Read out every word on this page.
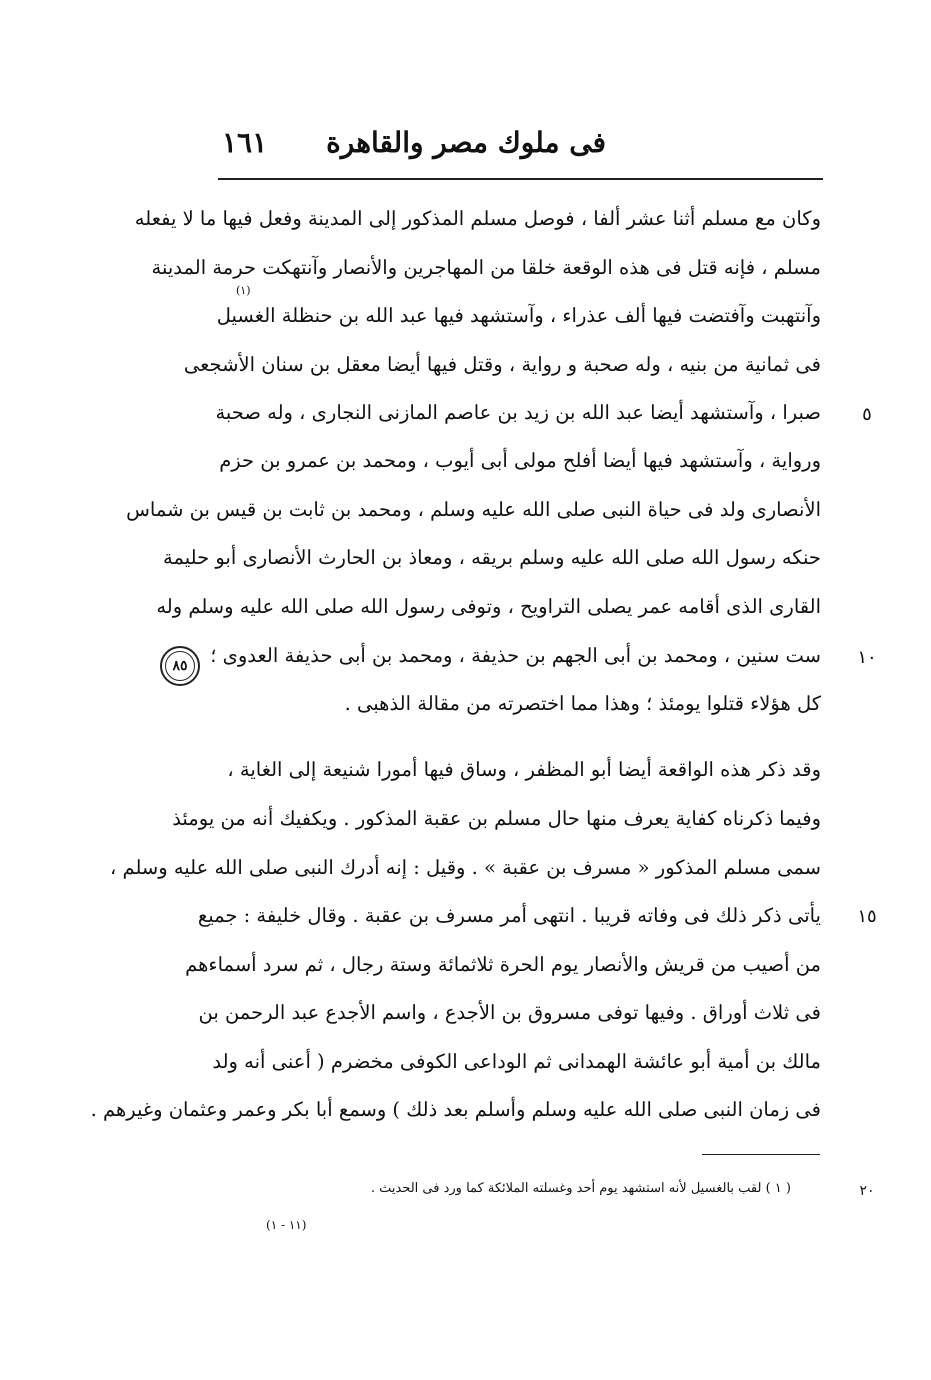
فى ملوك مصر والقاهرة
١٦١
(١)
وكان مع مسلم أثنا عشر ألفا ، فوصل مسلم المذكور إلى المدينة وفعل فيها ما لا يفعله
مسلم ، فإنه قتل فى هذه الوقعة خلقا من المهاجرين والأنصار وآنتهكت حرمة المدينة
وآنتهبت وآفتضت فيها ألف عذراء ، وآستشهد فيها عبد الله بن حنظلة الغسيل
فى ثمانية من بنيه ، وله صحبة و رواية ، وقتل فيها أيضا معقل بن سنان الأشجعى
صبرا ، وآستشهد أيضا عبد الله بن زيد بن عاصم المازنى النجارى ، وله صحبة
ورواية ، وآستشهد فيها أيضا أفلح مولى أبى أيوب ، ومحمد بن عمرو بن حزم
الأنصارى ولد فى حياة النبى صلى الله عليه وسلم ، ومحمد بن ثابت بن قيس بن شماس
حنكه رسول الله صلى الله عليه وسلم بريقه ، ومعاذ بن الحارث الأنصارى أبو حليمة
القارى الذى أقامه عمر يصلى التراويح ، وتوفى رسول الله صلى الله عليه وسلم وله
ست سنين ، ومحمد بن أبى الجهم بن حذيفة ، ومحمد بن أبى حذيفة العدوى ؛
كل هؤلاء قتلوا يومئذ ؛ وهذا مما اختصرته من مقالة الذهبى .
وقد ذكر هذه الواقعة أيضا أبو المظفر ، وساق فيها أمورا شنيعة إلى الغاية ،
وفيما ذكرناه كفاية يعرف منها حال مسلم بن عقبة المذكور . ويكفيك أنه من يومئذ
سمى مسلم المذكور « مسرف بن عقبة » . وقيل : إنه أدرك النبى صلى الله عليه وسلم ،
يأتى ذكر ذلك فى وفاته قريبا . انتهى أمر مسرف بن عقبة . وقال خليفة : جميع
من أصيب من قريش والأنصار يوم الحرة ثلاثمائة وستة رجال ، ثم سرد أسماءهم
فى ثلاث أوراق . وفيها توفى مسروق بن الأجدع ، واسم الأجدع عبد الرحمن بن
مالك بن أمية أبو عائشة الهمدانى ثم الوداعى الكوفى مخضرم ( أعنى أنه ولد
فى زمان النبى صلى الله عليه وسلم وأسلم بعد ذلك ) وسمع أبا بكر وعمر وعثمان وغيرهم .
٥
١٠
١٥
٨٥
( ١ ) لقب بالغسيل لأنه استشهد يوم أحد وغسلته الملائكة كما ورد فى الحديث .	٢٠
(١١ - ١)
